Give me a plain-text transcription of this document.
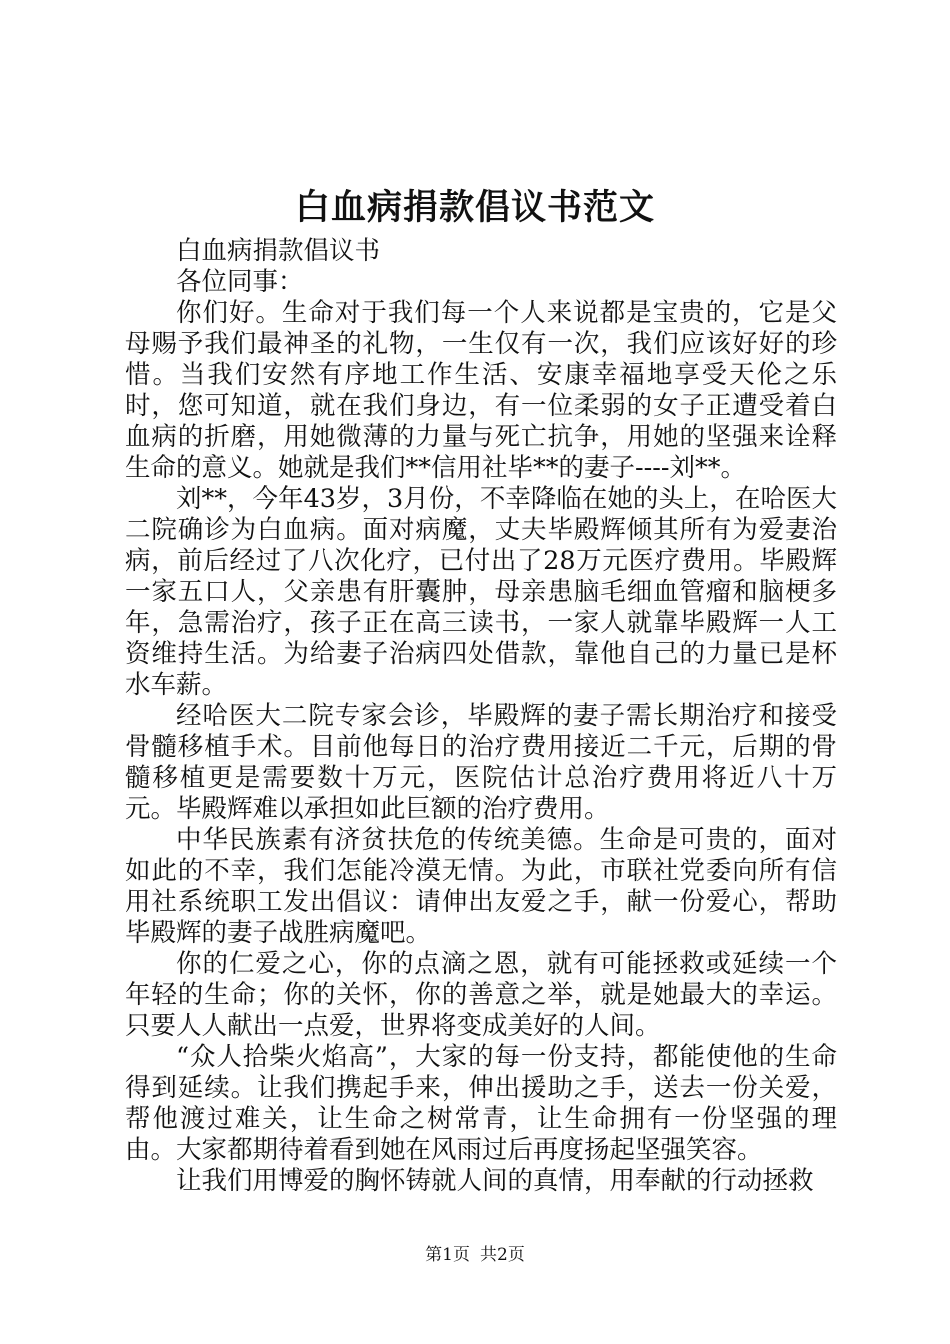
白血病捐款倡议书范文

白血病捐款倡议书

各位同事：

你们好。生命对于我们每一个人来说都是宝贵的，它是父母赐予我们最神圣的礼物，一生仅有一次，我们应该好好的珍惜。当我们安然有序地工作生活、安康幸福地享受天伦之乐时，您可知道，就在我们身边，有一位柔弱的女子正遭受着白血病的折磨，用她微薄的力量与死亡抗争，用她的坚强来诠释生命的意义。她就是我们**信用社毕**的妻子----刘**。

刘**，今年43岁，3月份，不幸降临在她的头上，在哈医大二院确诊为白血病。面对病魔，丈夫毕殿辉倾其所有为爱妻治病，前后经过了八次化疗，已付出了28万元医疗费用。毕殿辉一家五口人，父亲患有肝囊肿，母亲患脑毛细血管瘤和脑梗多年，急需治疗，孩子正在高三读书，一家人就靠毕殿辉一人工资维持生活。为给妻子治病四处借款，靠他自己的力量已是杯水车薪。

经哈医大二院专家会诊，毕殿辉的妻子需长期治疗和接受骨髓移植手术。目前他每日的治疗费用接近二千元，后期的骨髓移植更是需要数十万元，医院估计总治疗费用将近八十万元。毕殿辉难以承担如此巨额的治疗费用。

中华民族素有济贫扶危的传统美德。生命是可贵的，面对如此的不幸，我们怎能冷漠无情。为此，市联社党委向所有信用社系统职工发出倡议：请伸出友爱之手，献一份爱心，帮助毕殿辉的妻子战胜病魔吧。

你的仁爱之心，你的点滴之恩，就有可能拯救或延续一个年轻的生命；你的关怀，你的善意之举，就是她最大的幸运。只要人人献出一点爱，世界将变成美好的人间。

“众人拾柴火焰高”，大家的每一份支持，都能使他的生命得到延续。让我们携起手来，伸出援助之手，送去一份关爱，帮他渡过难关，让生命之树常青，让生命拥有一份坚强的理由。大家都期待着看到她在风雨过后再度扬起坚强笑容。

让我们用博爱的胸怀铸就人间的真情，用奉献的行动拯救

第1页 共2页
